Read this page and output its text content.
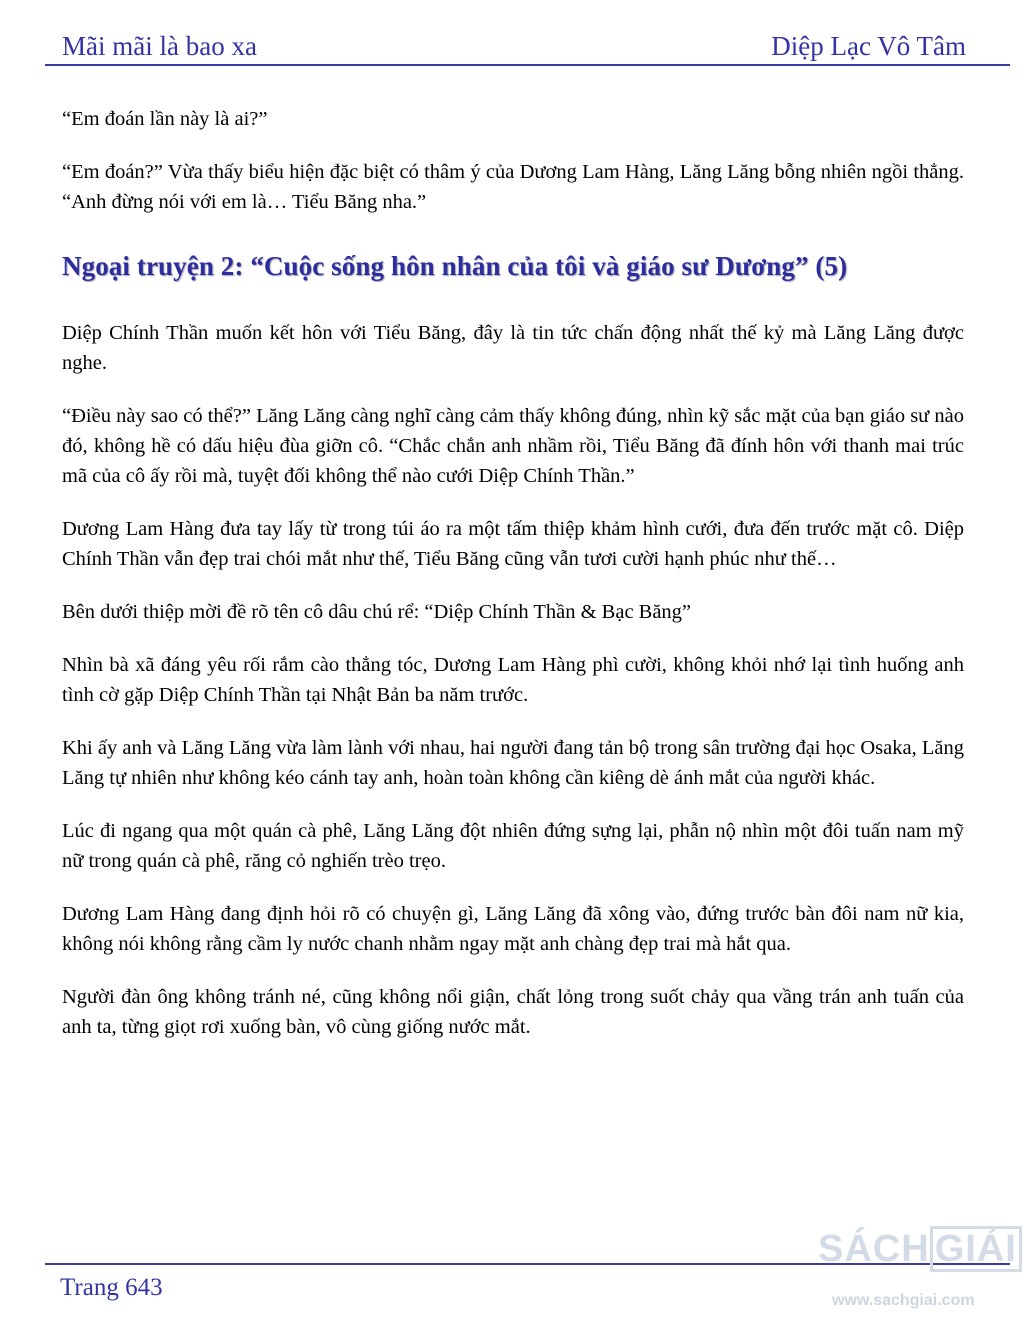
Mãi mãi là bao xa	Diệp Lạc Vô Tâm

“Em đoán lần này là ai?”

“Em đoán?” Vừa thấy biểu hiện đặc biệt có thâm ý của Dương Lam Hàng, Lăng Lăng bỗng nhiên ngồi thẳng. “Anh đừng nói với em là… Tiểu Băng nha.”

Ngoại truyện 2: “Cuộc sống hôn nhân của tôi và giáo sư Dương” (5)

Diệp Chính Thần muốn kết hôn với Tiểu Băng, đây là tin tức chấn động nhất thế kỷ mà Lăng Lăng được nghe.

“Điều này sao có thể?” Lăng Lăng càng nghĩ càng cảm thấy không đúng, nhìn kỹ sắc mặt của bạn giáo sư nào đó, không hề có dấu hiệu đùa giỡn cô. “Chắc chắn anh nhầm rồi, Tiểu Băng đã đính hôn với thanh mai trúc mã của cô ấy rồi mà, tuyệt đối không thể nào cưới Diệp Chính Thần.”

Dương Lam Hàng đưa tay lấy từ trong túi áo ra một tấm thiệp khảm hình cưới, đưa đến trước mặt cô. Diệp Chính Thần vẫn đẹp trai chói mắt như thế, Tiểu Băng cũng vẫn tươi cười hạnh phúc như thế…

Bên dưới thiệp mời đề rõ tên cô dâu chú rể: “Diệp Chính Thần & Bạc Băng”

Nhìn bà xã đáng yêu rối rắm cào thẳng tóc, Dương Lam Hàng phì cười, không khỏi nhớ lại tình huống anh tình cờ gặp Diệp Chính Thần tại Nhật Bản ba năm trước.

Khi ấy anh và Lăng Lăng vừa làm lành với nhau, hai người đang tản bộ trong sân trường đại học Osaka, Lăng Lăng tự nhiên như không kéo cánh tay anh, hoàn toàn không cần kiêng dè ánh mắt của người khác.

Lúc đi ngang qua một quán cà phê, Lăng Lăng đột nhiên đứng sựng lại, phẫn nộ nhìn một đôi tuấn nam mỹ nữ trong quán cà phê, răng cỏ nghiến trèo trẹo.

Dương Lam Hàng đang định hỏi rõ có chuyện gì, Lăng Lăng đã xông vào, đứng trước bàn đôi nam nữ kia, không nói không rằng cầm ly nước chanh nhằm ngay mặt anh chàng đẹp trai mà hắt qua.

Người đàn ông không tránh né, cũng không nổi giận, chất lỏng trong suốt chảy qua vầng trán anh tuấn của anh ta, từng giọt rơi xuống bàn, vô cùng giống nước mắt.

Trang 643
SÁCH GIẢI
www.sachgiai.com
